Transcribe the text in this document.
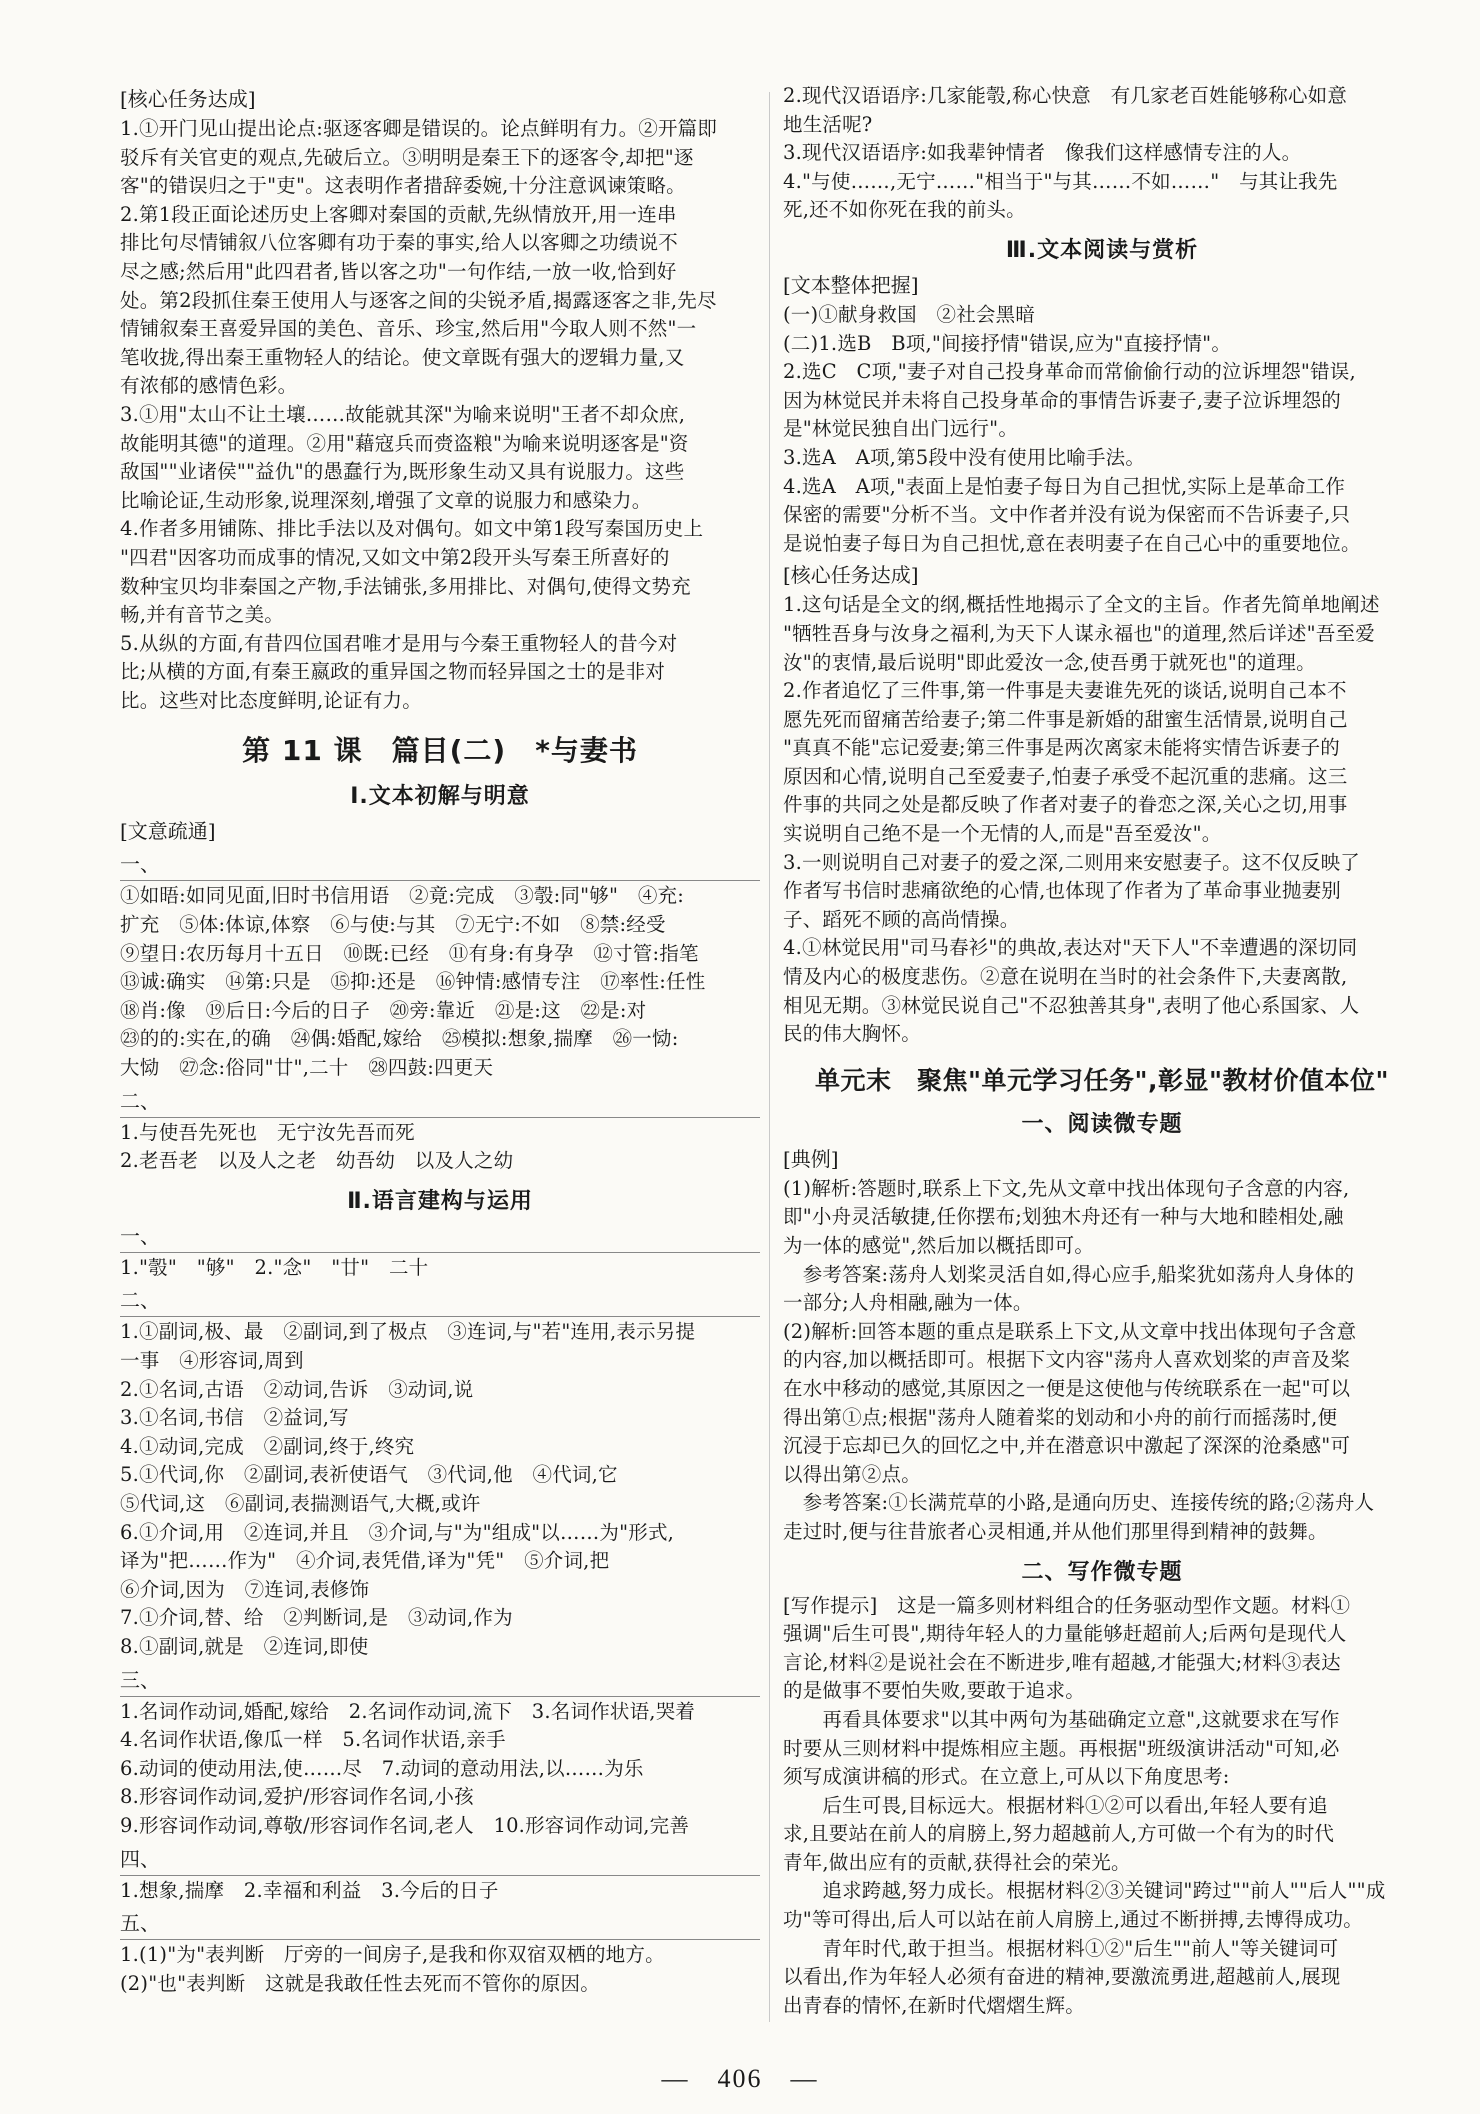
[核心任务达成]
1.①开门见山提出论点:驱逐客卿是错误的。论点鲜明有力。②开篇即
驳斥有关官吏的观点,先破后立。③明明是秦王下的逐客令,却把"逐
客"的错误归之于"吏"。这表明作者措辞委婉,十分注意讽谏策略。
2.第1段正面论述历史上客卿对秦国的贡献,先纵情放开,用一连串
排比句尽情铺叙八位客卿有功于秦的事实,给人以客卿之功绩说不
尽之感;然后用"此四君者,皆以客之功"一句作结,一放一收,恰到好
处。第2段抓住秦王使用人与逐客之间的尖锐矛盾,揭露逐客之非,先尽
情铺叙秦王喜爱异国的美色、音乐、珍宝,然后用"今取人则不然"一
笔收拢,得出秦王重物轻人的结论。使文章既有强大的逻辑力量,又
有浓郁的感情色彩。
3.①用"太山不让土壤……故能就其深"为喻来说明"王者不却众庶,
故能明其德"的道理。②用"藉寇兵而赍盗粮"为喻来说明逐客是"资
敌国""业诸侯""益仇"的愚蠢行为,既形象生动又具有说服力。这些
比喻论证,生动形象,说理深刻,增强了文章的说服力和感染力。
4.作者多用铺陈、排比手法以及对偶句。如文中第1段写秦国历史上
"四君"因客功而成事的情况,又如文中第2段开头写秦王所喜好的
数种宝贝均非秦国之产物,手法铺张,多用排比、对偶句,使得文势充
畅,并有音节之美。
5.从纵的方面,有昔四位国君唯才是用与今秦王重物轻人的昔今对
比;从横的方面,有秦王嬴政的重异国之物而轻异国之士的是非对
比。这些对比态度鲜明,论证有力。
第 11 课　篇目(二)　*与妻书
Ⅰ.文本初解与明意
[文意疏通]
一、
①如晤:如同见面,旧时书信用语　②竟:完成　③彀:同"够"　④充:
扩充　⑤体:体谅,体察　⑥与使:与其　⑦无宁:不如　⑧禁:经受
⑨望日:农历每月十五日　⑩既:已经　⑪有身:有身孕　⑫寸管:指笔
⑬诚:确实　⑭第:只是　⑮抑:还是　⑯钟情:感情专注　⑰率性:任性
⑱肖:像　⑲后日:今后的日子　⑳旁:靠近　㉑是:这　㉒是:对
㉓的的:实在,的确　㉔偶:婚配,嫁给　㉕模拟:想象,揣摩　㉖一恸:
大恸　㉗念:俗同"廿",二十　㉘四鼓:四更天
二、
1.与使吾先死也　无宁汝先吾而死
2.老吾老　以及人之老　幼吾幼　以及人之幼
Ⅱ.语言建构与运用
一、
1."彀"　"够"　2."念"　"廿"　二十
二、
1.①副词,极、最　②副词,到了极点　③连词,与"若"连用,表示另提
一事　④形容词,周到
2.①名词,古语　②动词,告诉　③动词,说
3.①名词,书信　②益词,写
4.①动词,完成　②副词,终于,终究
5.①代词,你　②副词,表祈使语气　③代词,他　④代词,它
⑤代词,这　⑥副词,表揣测语气,大概,或许
6.①介词,用　②连词,并且　③介词,与"为"组成"以……为"形式,
译为"把……作为"　④介词,表凭借,译为"凭"　⑤介词,把
⑥介词,因为　⑦连词,表修饰
7.①介词,替、给　②判断词,是　③动词,作为
8.①副词,就是　②连词,即使
三、
1.名词作动词,婚配,嫁给　2.名词作动词,流下　3.名词作状语,哭着
4.名词作状语,像瓜一样　5.名词作状语,亲手
6.动词的使动用法,使……尽　7.动词的意动用法,以……为乐
8.形容词作动词,爱护/形容词作名词,小孩
9.形容词作动词,尊敬/形容词作名词,老人　10.形容词作动词,完善
四、
1.想象,揣摩　2.幸福和利益　3.今后的日子
五、
1.(1)"为"表判断　厅旁的一间房子,是我和你双宿双栖的地方。
(2)"也"表判断　这就是我敢任性去死而不管你的原因。
2.现代汉语语序:几家能彀,称心快意　有几家老百姓能够称心如意
地生活呢?
3.现代汉语语序:如我辈钟情者　像我们这样感情专注的人。
4."与使……,无宁……"相当于"与其……不如……"　与其让我先
死,还不如你死在我的前头。
Ⅲ.文本阅读与赏析
[文本整体把握]
(一)①献身救国　②社会黑暗
(二)1.选B　B项,"间接抒情"错误,应为"直接抒情"。
2.选C　C项,"妻子对自己投身革命而常偷偷行动的泣诉埋怨"错误,
因为林觉民并未将自己投身革命的事情告诉妻子,妻子泣诉埋怨的
是"林觉民独自出门远行"。
3.选A　A项,第5段中没有使用比喻手法。
4.选A　A项,"表面上是怕妻子每日为自己担忧,实际上是革命工作
保密的需要"分析不当。文中作者并没有说为保密而不告诉妻子,只
是说怕妻子每日为自己担忧,意在表明妻子在自己心中的重要地位。
[核心任务达成]
1.这句话是全文的纲,概括性地揭示了全文的主旨。作者先简单地阐述
"牺牲吾身与汝身之福利,为天下人谋永福也"的道理,然后详述"吾至爱
汝"的衷情,最后说明"即此爱汝一念,使吾勇于就死也"的道理。
2.作者追忆了三件事,第一件事是夫妻谁先死的谈话,说明自己本不
愿先死而留痛苦给妻子;第二件事是新婚的甜蜜生活情景,说明自己
"真真不能"忘记爱妻;第三件事是两次离家未能将实情告诉妻子的
原因和心情,说明自己至爱妻子,怕妻子承受不起沉重的悲痛。这三
件事的共同之处是都反映了作者对妻子的眷恋之深,关心之切,用事
实说明自己绝不是一个无情的人,而是"吾至爱汝"。
3.一则说明自己对妻子的爱之深,二则用来安慰妻子。这不仅反映了
作者写书信时悲痛欲绝的心情,也体现了作者为了革命事业抛妻别
子、蹈死不顾的高尚情操。
4.①林觉民用"司马春衫"的典故,表达对"天下人"不幸遭遇的深切同
情及内心的极度悲伤。②意在说明在当时的社会条件下,夫妻离散,
相见无期。③林觉民说自己"不忍独善其身",表明了他心系国家、人
民的伟大胸怀。
单元末　聚焦"单元学习任务",彰显"教材价值本位"
一、阅读微专题
[典例]
(1)解析:答题时,联系上下文,先从文章中找出体现句子含意的内容,
即"小舟灵活敏捷,任你摆布;划独木舟还有一种与大地和睦相处,融
为一体的感觉",然后加以概括即可。
　参考答案:荡舟人划桨灵活自如,得心应手,船桨犹如荡舟人身体的
一部分;人舟相融,融为一体。
(2)解析:回答本题的重点是联系上下文,从文章中找出体现句子含意
的内容,加以概括即可。根据下文内容"荡舟人喜欢划桨的声音及桨
在水中移动的感觉,其原因之一便是这使他与传统联系在一起"可以
得出第①点;根据"荡舟人随着桨的划动和小舟的前行而摇荡时,便
沉浸于忘却已久的回忆之中,并在潜意识中激起了深深的沧桑感"可
以得出第②点。
　参考答案:①长满荒草的小路,是通向历史、连接传统的路;②荡舟人
走过时,便与往昔旅者心灵相通,并从他们那里得到精神的鼓舞。
二、写作微专题
[写作提示]　这是一篇多则材料组合的任务驱动型作文题。材料①
强调"后生可畏",期待年轻人的力量能够赶超前人;后两句是现代人
言论,材料②是说社会在不断进步,唯有超越,才能强大;材料③表达
的是做事不要怕失败,要敢于追求。
　　再看具体要求"以其中两句为基础确定立意",这就要求在写作
时要从三则材料中提炼相应主题。再根据"班级演讲活动"可知,必
须写成演讲稿的形式。在立意上,可从以下角度思考:
　　后生可畏,目标远大。根据材料①②可以看出,年轻人要有追
求,且要站在前人的肩膀上,努力超越前人,方可做一个有为的时代
青年,做出应有的贡献,获得社会的荣光。
　　追求跨越,努力成长。根据材料②③关键词"跨过""前人""后人""成
功"等可得出,后人可以站在前人肩膀上,通过不断拼搏,去博得成功。
　　青年时代,敢于担当。根据材料①②"后生""前人"等关键词可
以看出,作为年轻人必须有奋进的精神,要激流勇进,超越前人,展现
出青春的情怀,在新时代熠熠生辉。
—　406　—
